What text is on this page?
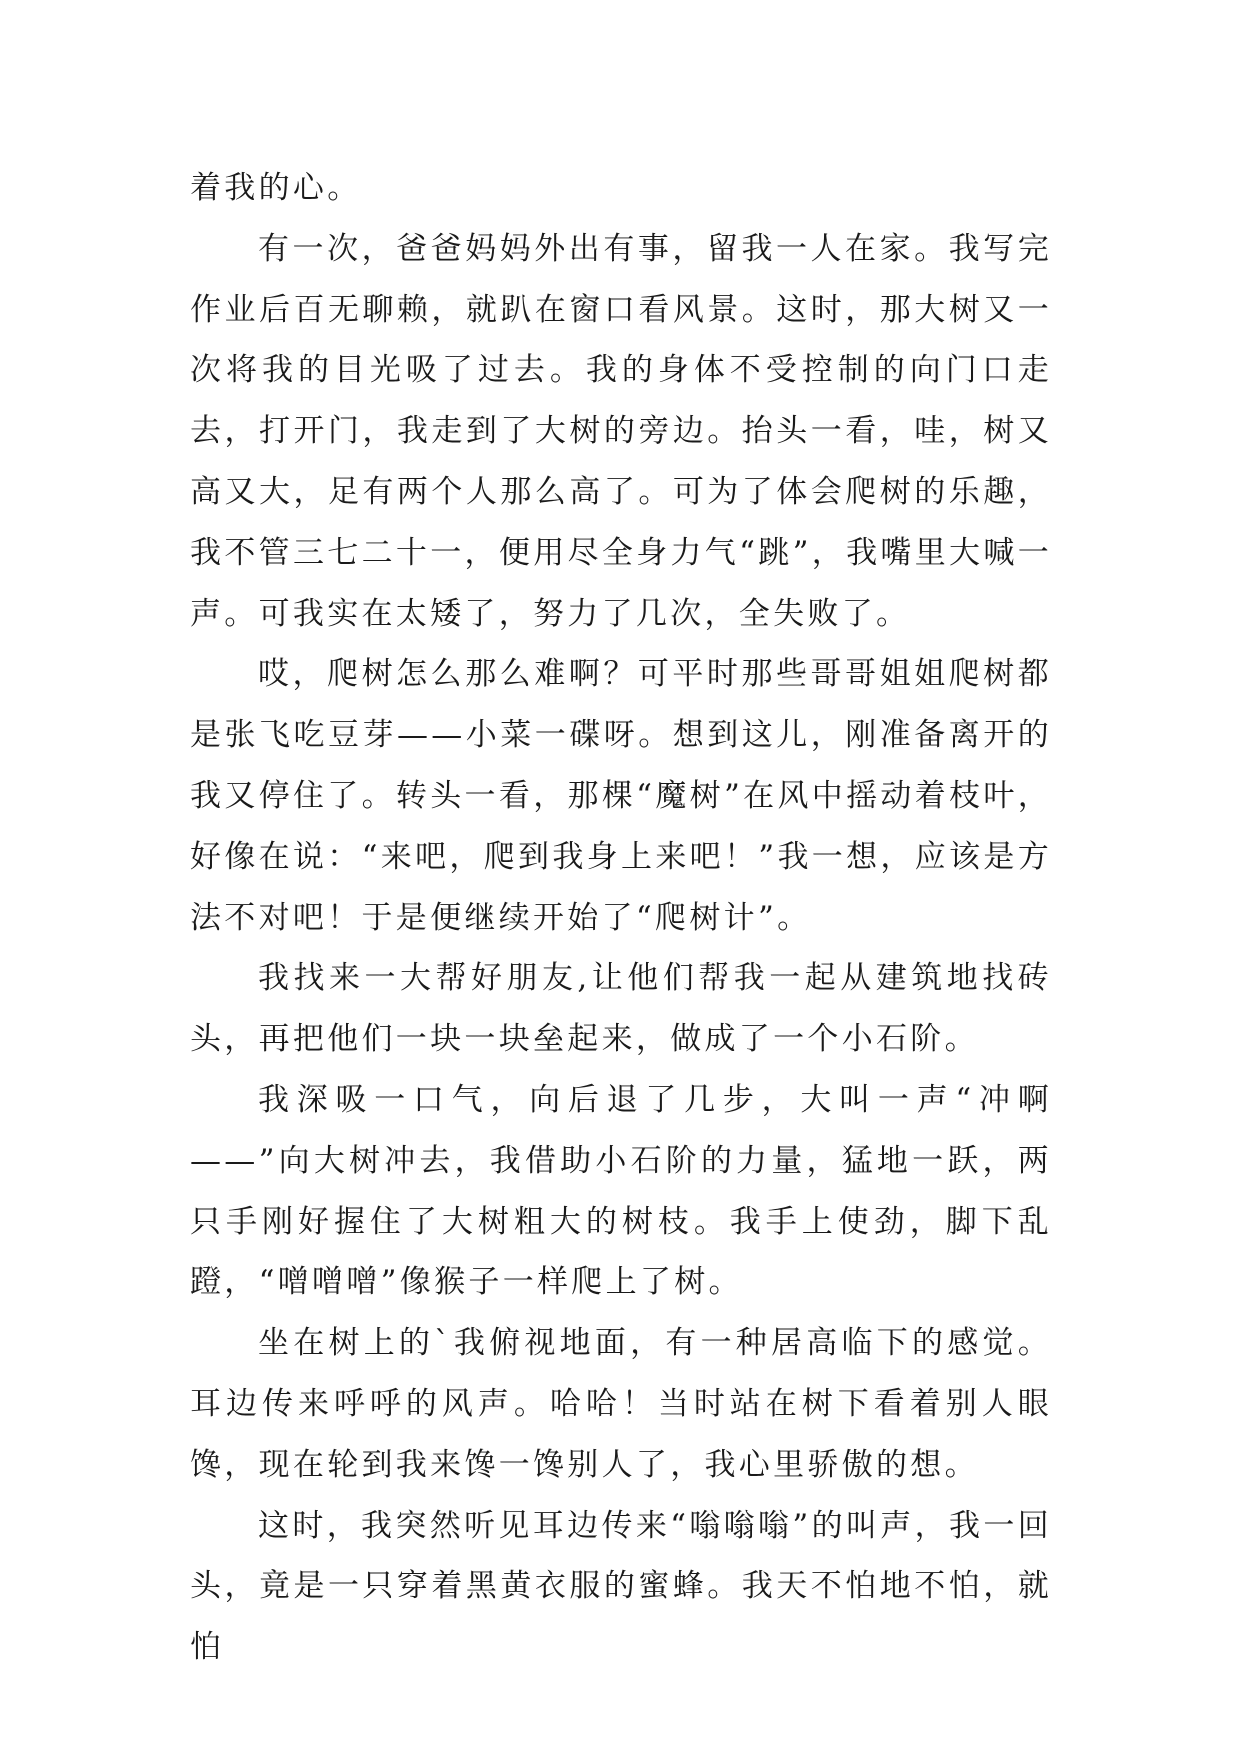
着我的心。

有一次，爸爸妈妈外出有事，留我一人在家。我写完作业后百无聊赖，就趴在窗口看风景。这时，那大树又一次将我的目光吸了过去。我的身体不受控制的向门口走去，打开门，我走到了大树的旁边。抬头一看，哇，树又高又大，足有两个人那么高了。可为了体会爬树的乐趣，我不管三七二十一，便用尽全身力气“跳”，我嘴里大喊一声。可我实在太矮了，努力了几次，全失败了。

哎，爬树怎么那么难啊？可平时那些哥哥姐姐爬树都是张飞吃豆芽——小菜一碟呀。想到这儿，刚准备离开的我又停住了。转头一看，那棵“魔树”在风中摇动着枝叶，好像在说：“来吧，爬到我身上来吧！”我一想，应该是方法不对吧！于是便继续开始了“爬树计”。

我找来一大帮好朋友,让他们帮我一起从建筑地找砖头，再把他们一块一块垒起来，做成了一个小石阶。

我深吸一口气，向后退了几步，大叫一声“冲啊——”向大树冲去，我借助小石阶的力量，猛地一跃，两只手刚好握住了大树粗大的树枝。我手上使劲，脚下乱蹬，“噌噌噌”像猴子一样爬上了树。

坐在树上的`我俯视地面，有一种居高临下的感觉。耳边传来呼呼的风声。哈哈！当时站在树下看着别人眼馋，现在轮到我来馋一馋别人了，我心里骄傲的想。

这时，我突然听见耳边传来“嗡嗡嗡”的叫声，我一回头，竟是一只穿着黑黄衣服的蜜蜂。我天不怕地不怕，就怕
